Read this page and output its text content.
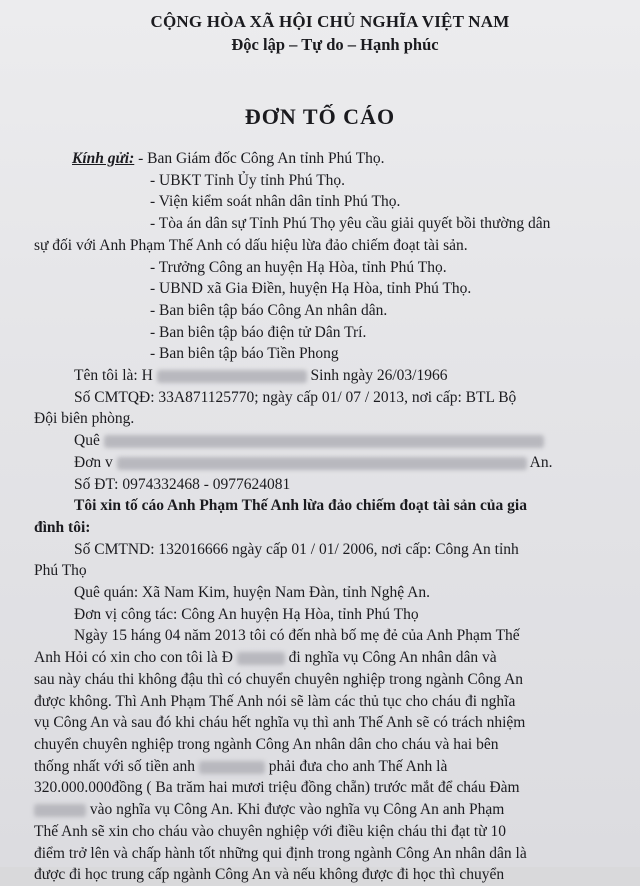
CỘNG HÒA XÃ HỘI CHỦ NGHĨA VIỆT NAM
Độc lập – Tự do – Hạnh phúc
ĐƠN TỐ CÁO
Kính gửi: - Ban Giám đốc Công An tỉnh Phú Thọ.
- UBKT Tỉnh Ủy tỉnh Phú Thọ.
- Viện kiểm soát nhân dân tỉnh Phú Thọ.
- Tòa án dân sự Tỉnh Phú Thọ yêu cầu giải quyết bồi thường dân
sự đối với Anh Phạm Thế Anh có dấu hiệu lừa đảo chiếm đoạt tài sản.
- Trưởng Công an huyện Hạ Hòa, tỉnh Phú Thọ.
- UBND xã Gia Điền, huyện Hạ Hòa, tỉnh Phú Thọ.
- Ban biên tập báo Công An nhân dân.
- Ban biên tập báo điện tử Dân Trí.
- Ban biên tập báo Tiền Phong
Tên tôi là: H	Sinh ngày 26/03/1966
Số CMTQĐ: 33A871125770; ngày cấp 01/ 07 / 2013, nơi cấp: BTL Bộ
Đội biên phòng.
Quê
Đơn v	An.
Số ĐT: 0974332468 - 0977624081
Tôi xin tố cáo Anh Phạm Thế Anh lừa đảo chiếm đoạt tài sản của gia
đình tôi:
Số CMTND: 132016666 ngày cấp 01 / 01/ 2006, nơi cấp: Công An tỉnh
Phú Thọ
Quê quán: Xã Nam Kim, huyện Nam Đàn, tỉnh Nghệ An.
Đơn vị công tác: Công An huyện Hạ Hòa, tỉnh Phú Thọ
Ngày 15 háng 04 năm 2013 tôi có đến nhà bố mẹ đẻ của Anh Phạm Thế
Anh Hỏi có xin cho con tôi là Đ	đi nghĩa vụ Công An nhân dân và
sau này cháu thi không đậu thì có chuyển chuyên nghiệp trong ngành Công An
được không. Thì Anh Phạm Thế Anh nói sẽ làm các thủ tục cho cháu đi nghĩa
vụ Công An và sau đó khi cháu hết nghĩa vụ thì anh Thế Anh sẽ có trách nhiệm
chuyển chuyên nghiệp trong ngành Công An nhân dân cho cháu và hai bên
thống nhất với số tiền anh	phải đưa cho anh Thế Anh là
320.000.000đồng ( Ba trăm hai mươi triệu đồng chẵn) trước mắt để cháu Đàm
vào nghĩa vụ Công An. Khi được vào nghĩa vụ Công An anh Phạm
Thế Anh sẽ xin cho cháu vào chuyên nghiệp với điều kiện cháu thi đạt từ 10
điểm trở lên và chấp hành tốt những qui định trong ngành Công An nhân dân là
được đi học trung cấp ngành Công An và nếu không được đi học thì chuyển
